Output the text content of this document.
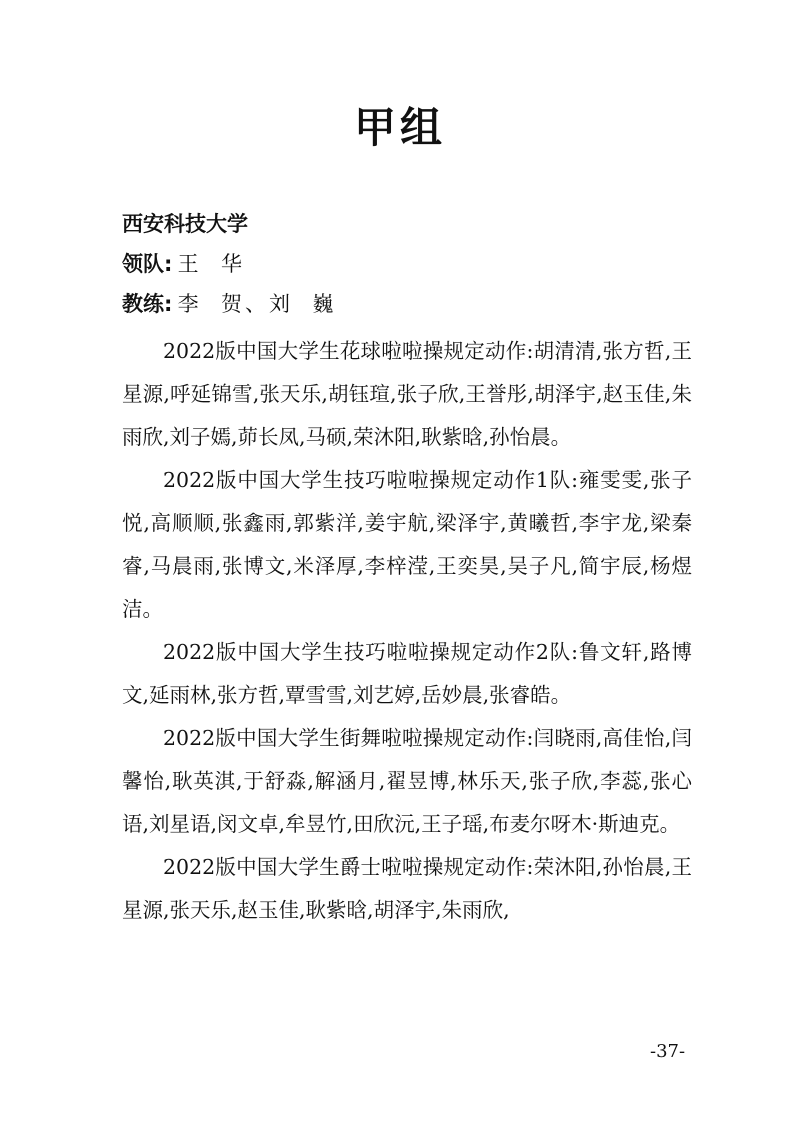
甲组
西安科技大学
领队: 王  华
教练: 李  贺、刘  巍

2022版中国大学生花球啦啦操规定动作:胡清清,张方哲,王星源,呼延锦雪,张天乐,胡钰瑄,张子欣,王誉彤,胡泽宇,赵玉佳,朱雨欣,刘子嫣,茆长凤,马硕,荣沐阳,耿紫晗,孙怡晨。

2022版中国大学生技巧啦啦操规定动作1队:雍雯雯,张子悦,高顺顺,张鑫雨,郭紫洋,姜宇航,梁泽宇,黄曦哲,李宇龙,梁秦睿,马晨雨,张博文,米泽厚,李梓滢,王奕昊,吴子凡,简宇辰,杨煜洁。

2022版中国大学生技巧啦啦操规定动作2队:鲁文轩,路博文,延雨林,张方哲,覃雪雪,刘艺婷,岳妙晨,张睿皓。

2022版中国大学生街舞啦啦操规定动作:闫晓雨,高佳怡,闫馨怡,耿英淇,于舒淼,解涵月,翟昱博,林乐天,张子欣,李蕊,张心语,刘星语,闵文卓,牟昱竹,田欣沅,王子瑶,布麦尔呀木·斯迪克。

2022版中国大学生爵士啦啦操规定动作:荣沐阳,孙怡晨,王星源,张天乐,赵玉佳,耿紫晗,胡泽宇,朱雨欣,

-37-
